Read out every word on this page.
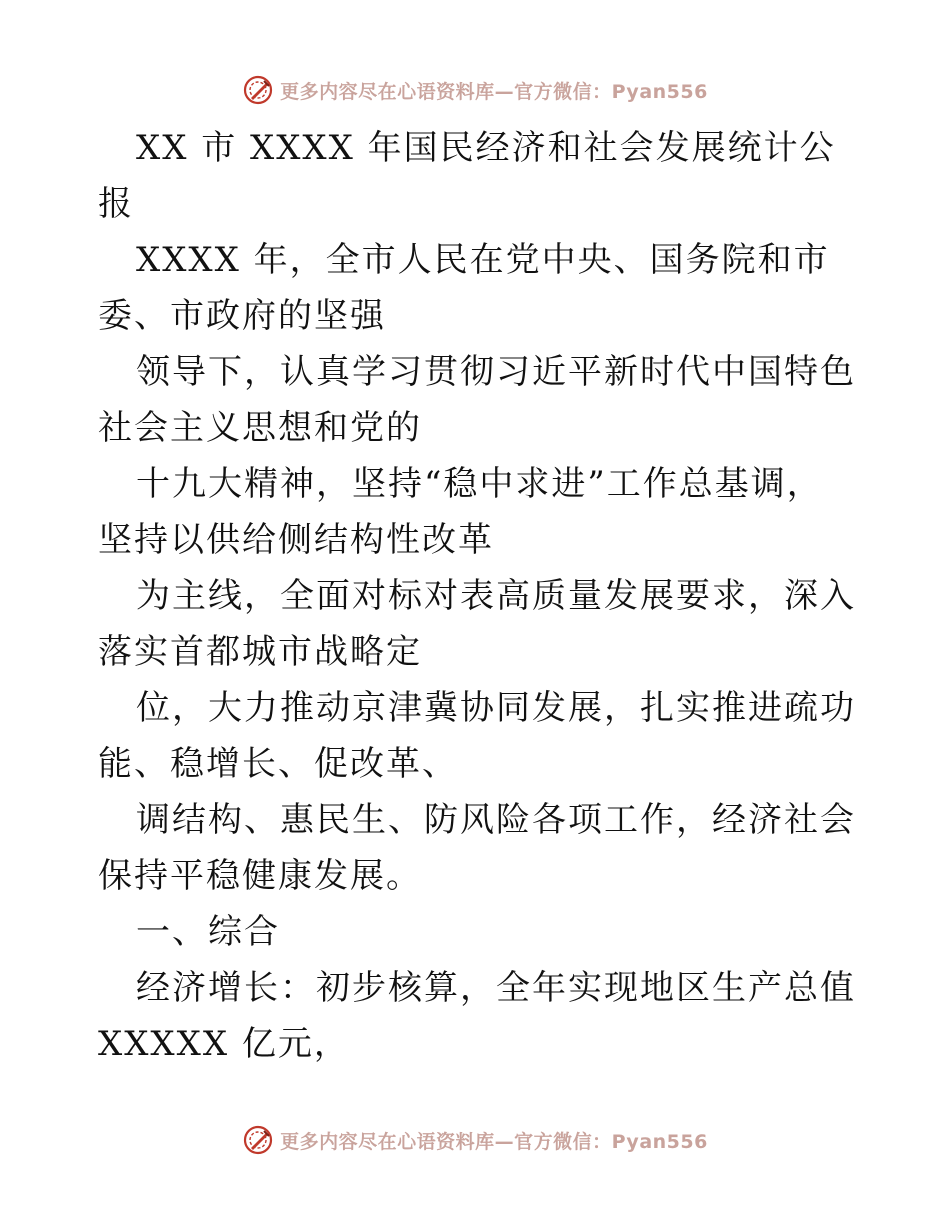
更多内容尽在心语资料库—官方微信：Pyan556

XX 市 XXXX 年国民经济和社会发展统计公报

XXXX 年，全市人民在党中央、国务院和市委、市政府的坚强

领导下，认真学习贯彻习近平新时代中国特色社会主义思想和党的

十九大精神，坚持“稳中求进”工作总基调，坚持以供给侧结构性改革

为主线，全面对标对表高质量发展要求，深入落实首都城市战略定

位，大力推动京津冀协同发展，扎实推进疏功能、稳增长、促改革、

调结构、惠民生、防风险各项工作，经济社会保持平稳健康发展。

一、综合

经济增长：初步核算，全年实现地区生产总值 XXXXX 亿元，

更多内容尽在心语资料库—官方微信：Pyan556
